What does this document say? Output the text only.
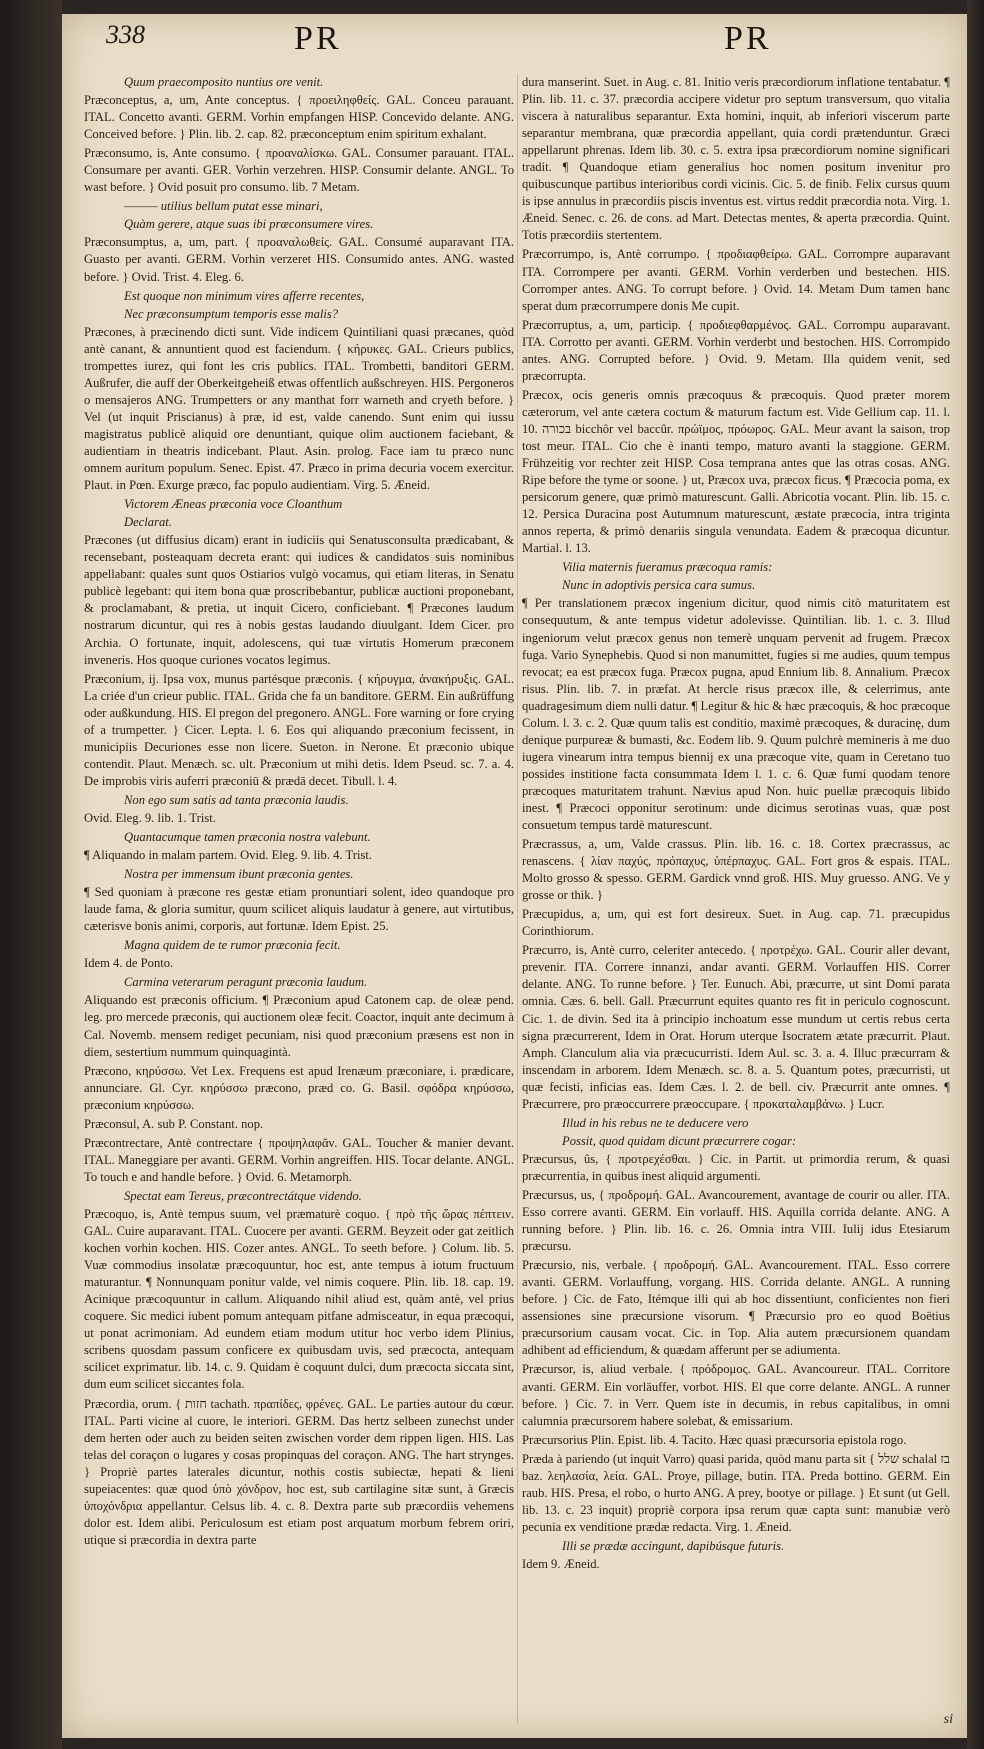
338	PR	PR

Quum praecomposito nuntius ore venit.

Præconceptus, a, um, Ante conceptus. { προειληφθείς. GAL. Conceu parauant. ITAL. Concetto avanti. GERM. Vorhin empfangen HISP. Concevido delante. ANG. Conceived before. } Plin. lib. 2. cap. 82. præconceptum enim spiritum exhalant.

Præconsumo, is, Ante consumo. { προαναλίσκω. GAL. Consumer parauant. ITAL. Consumare per avanti. GER. Vorhin verzehren. HISP. Consumir delante. ANGL. To wast before. } Ovid posuit pro consumo. lib. 7 Metam.

——— utilius bellum putat esse minari,

Quàm gerere, atque suas ibi præconsumere vires.

Præconsumptus, a, um, part. { προαναλωθείς. GAL. Consumé auparavant ITA. Guasto per avanti. GERM. Vorhin verzeret HIS. Consumido antes. ANG. wasted before. } Ovid. Trist. 4. Eleg. 6.

Est quoque non minimum vires afferre recentes,

Nec præconsumptum temporis esse malis?

Præcones, à præcinendo dicti sunt. Vide indicem Quintiliani quasi præcanes, quòd antè canant, & annuntient quod est faciendum. { κήρυκες. GAL. Crieurs publics, trompettes iurez, qui font les cris publics. ITAL. Trombetti, banditori GERM. Außrufer, die auff der Oberkeitgeheiß etwas offentlich außschreyen. HIS. Pergoneros o mensajeros ANG. Trumpetters or any manthat forr warneth and cryeth before. } Vel (ut inquit Priscianus) à præ, id est, valde canendo. Sunt enim qui iussu magistratus publicè aliquid ore denuntiant, quique olim auctionem faciebant, & audientiam in theatris indicebant. Plaut. Asin. prolog. Face iam tu præco nunc omnem auritum populum. Senec. Epist. 47. Præco in prima decuria vocem exercitur. Plaut. in Pœn. Exurge præco, fac populo audientiam. Virg. 5. Æneid.

Victorem Æneas præconia voce Cloanthum

Declarat.

Præcones (ut diffusius dicam) erant in iudiciis qui Senatusconsulta prædicabant, & recensebant, posteaquam decreta erant: qui iudices & candidatos suis nominibus appellabant: quales sunt quos Ostiarios vulgò vocamus, qui etiam literas, in Senatu publicè legebant: qui item bona quæ proscribebantur, publicæ auctioni proponebant, & proclamabant, & pretia, ut inquit Cicero, conficiebant. ¶ Præcones laudum nostrarum dicuntur, qui res à nobis gestas laudando diuulgant. Idem Cicer. pro Archia. O fortunate, inquit, adolescens, qui tuæ virtutis Homerum præconem inveneris. Hos quoque curiones vocatos legimus.

Præconium, ij. Ipsa vox, munus partésque præconis. { κήρυγμα, ἀνακήρυξις. GAL. La criée d'un crieur public. ITAL. Grida che fa un banditore. GERM. Ein außrüffung oder außkundung. HIS. El pregon del pregonero. ANGL. Fore warning or fore crying of a trumpetter. } Cicer. Lepta. l. 6. Eos qui aliquando præconium fecissent, in municipiis Decuriones esse non licere. Sueton. in Nerone. Et præconio ubique contendit. Plaut. Menæch. sc. ult. Præconium ut mihi detis. Idem Pseud. sc. 7. a. 4. De improbis viris auferri præconiū & prædā decet. Tibull. l. 4.

Non ego sum satis ad tanta præconia laudis.

Ovid. Eleg. 9. lib. 1. Trist.

Quantacumque tamen præconia nostra valebunt.

¶ Aliquando in malam partem. Ovid. Eleg. 9. lib. 4. Trist.

Nostra per immensum ibunt præconia gentes.

¶ Sed quoniam à præcone res gestæ etiam pronuntiari solent, ideo quandoque pro laude fama, & gloria sumitur, quum scilicet aliquis laudatur à genere, aut virtutibus, cæterisve bonis animi, corporis, aut fortunæ. Idem Epist. 25.

Magna quidem de te rumor præconia fecit.

Idem 4. de Ponto.

Carmina veterarum peragunt præconia laudum.

Aliquando est præconis officium. ¶ Præconium apud Catonem cap. de oleæ pend. leg. pro mercede præconis, qui auctionem oleæ fecit. Coactor, inquit ante decimum à Cal. Novemb. mensem rediget pecuniam, nisi quod præconium præsens est non in diem, sestertium nummum quinquagintà.

Præcono, κηρύσσω. Vet Lex. Frequens est apud Irenæum præconiare, i. prædicare, annunciare. Gl. Cyr. κηρύσσω præcono, præd co. G. Basil. σφόδρα κηρύσσω, præconium κηρύσσω.

Præconsul, A. sub P. Constant. nop.

Præcontrectare, Antè contrectare { προψηλαφᾶν. GAL. Toucher & manier devant. ITAL. Maneggiare per avanti. GERM. Vorhin angreiffen. HIS. Tocar delante. ANGL. To touch e and handle before. } Ovid. 6. Metamorph.

Spectat eam Tereus, præcontrectátque videndo.

Præcoquo, is, Antè tempus suum, vel præmaturè coquo. { πρὸ τῆς ὥρας πέπτειν. GAL. Cuire auparavant. ITAL. Cuocere per avanti. GERM. Beyzeit oder gat zeitlich kochen vorhin kochen. HIS. Cozer antes. ANGL. To seeth before. } Colum. lib. 5. Vuæ commodius insolatæ præcoquuntur, hoc est, ante tempus à iotum fructuum maturantur. ¶ Nonnunquam ponitur valde, vel nimis coquere. Plin. lib. 18. cap. 19. Acinique præcoquuntur in callum. Aliquando nihil aliud est, quàm antè, vel prius coquere. Sic medici iubent pomum antequam pitfane admisceatur, in equa præcoqui, ut ponat acrimoniam. Ad eundem etiam modum utitur hoc verbo idem Plinius, scribens quosdam passum conficere ex quibusdam uvis, sed præcocta, antequam scilicet exprimatur. lib. 14. c. 9. Quidam è coquunt dulci, dum præcocta siccata sint, dum eum scilicet siccantes fola.

Præcordia, orum. { חזות tachath. πραπίδες, φρένες. GAL. Le parties autour du cœur. ITAL. Parti vicine al cuore, le interiori. GERM. Das hertz selbeen zunechst under dem herten oder auch zu beiden seiten zwischen vorder dem rippen ligen. HIS. Las telas del coraçon o lugares y cosas propinquas del coraçon. ANG. The hart strynges. } Propriè partes laterales dicuntur, nothis costis subiectæ, hepati & lieni supeiacentes: quæ quod ὑπὸ χόνδρον, hoc est, sub cartilagine sitæ sunt, à Græcis ὑποχόνδρια appellantur. Celsus lib. 4. c. 8. Dextra parte sub præcordiis vehemens dolor est. Idem alibi. Periculosum est etiam post arquatum morbum febrem oriri, utique si præcordia in dextra parte

dura manserint. Suet. in Aug. c. 81. Initio veris præcordiorum inflatione tentabatur. ¶ Plin. lib. 11. c. 37. præcordia accipere videtur pro septum transversum, quo vitalia viscera à naturalibus separantur. Exta homini, inquit, ab inferiori viscerum parte separantur membrana, quæ præcordia appellant, quia cordi prætenduntur. Græci appellarunt phrenas. Idem lib. 30. c. 5. extra ipsa præcordiorum nomine significari tradit. ¶ Quandoque etiam generalius hoc nomen positum invenitur pro quibuscunque partibus interioribus cordi vicinis. Cic. 5. de finib. Felix cursus quum is ipse annulus in præcordiis piscis inventus est. virtus reddit præcordia nota. Virg. 1. Æneid. Senec. c. 26. de cons. ad Mart. Detectas mentes, & aperta præcordia. Quint. Totis præcordiis stertentem.

Præcorrumpo, is, Antè corrumpo. { προδιαφθείρω. GAL. Corrompre auparavant ITA. Corrompere per avanti. GERM. Vorhin verderben und bestechen. HIS. Corromper antes. ANG. To corrupt before. } Ovid. 14. Metam Dum tamen hanc sperat dum præcorrumpere donis Me cupit.

Præcorruptus, a, um, particip. { προδιεφθαρμένος. GAL. Corrompu auparavant. ITA. Corrotto per avanti. GERM. Vorhin verderbt und bestochen. HIS. Corrompido antes. ANG. Corrupted before. } Ovid. 9. Metam. Illa quidem venit, sed præcorrupta.

Præcox, ocis generis omnis præcoquus & præcoquis. Quod præter morem cæterorum, vel ante cætera coctum & maturum factum est. Vide Gellium cap. 11. l. 10. בכורה bicchôr vel baccûr. πρώϊμος, πρόωρος. GAL. Meur avant la saison, trop tost meur. ITAL. Cio che è inanti tempo, maturo avanti la staggione. GERM. Frühzeitig vor rechter zeit HISP. Cosa temprana antes que las otras cosas. ANG. Ripe before the tyme or soone. } ut, Præcox uva, præcox ficus. ¶ Præcocia poma, ex persicorum genere, quæ primò maturescunt. Galli. Abricotia vocant. Plin. lib. 15. c. 12. Persica Duracina post Autumnum maturescunt, æstate præcocia, intra triginta annos reperta, & primò denariis singula venundata. Eadem & præcoqua dicuntur. Martial. l. 13.

Vilia maternis fueramus præcoqua ramis:

Nunc in adoptivis persica cara sumus.

¶ Per translationem præcox ingenium dicitur, quod nimis citò maturitatem est consequutum, & ante tempus videtur adolevisse. Quintilian. lib. 1. c. 3. Illud ingeniorum velut præcox genus non temerè unquam pervenit ad frugem. Præcox fuga. Vario Synephebis. Quod si non manumittet, fugies si me audies, quum tempus revocat; ea est præcox fuga. Præcox pugna, apud Ennium lib. 8. Annalium. Præcox risus. Plin. lib. 7. in præfat. At hercle risus præcox ille, & celerrimus, ante quadragesimum diem nulli datur. ¶ Legitur & hic & hæc præcoquis, & hoc præcoque Colum. l. 3. c. 2. Quæ quum talis est conditio, maximè præcoques, & duracinę, dum denique purpureæ & bumasti, &c. Eodem lib. 9. Quum pulchrè memineris à me duo iugera vinearum intra tempus biennij ex una præcoque vite, quam in Ceretano tuo possides institione facta consummata Idem l. 1. c. 6. Quæ fumi quodam tenore præcoques maturitatem trahunt. Nævius apud Non. huic puellæ præcoquis libido inest. ¶ Præcoci opponitur serotinum: unde dicimus serotinas vuas, quæ post consuetum tempus tardè maturescunt.

Præcrassus, a, um, Valde crassus. Plin. lib. 16. c. 18. Cortex præcrassus, ac renascens. { λίαν παχύς, πρόπαχυς, ὑπέρπαχυς. GAL. Fort gros & espais. ITAL. Molto grosso & spesso. GERM. Gardick vnnd groß. HIS. Muy gruesso. ANG. Ve y grosse or thik. }

Præcupidus, a, um, qui est fort desireux. Suet. in Aug. cap. 71. præcupidus Corinthiorum.

Præcurro, is, Antè curro, celeriter antecedo. { προτρέχω. GAL. Courir aller devant, prevenir. ITA. Correre innanzi, andar avanti. GERM. Vorlauffen HIS. Correr delante. ANG. To runne before. } Ter. Eunuch. Abi, præcurre, ut sint Domi parata omnia. Cæs. 6. bell. Gall. Præcurrunt equites quanto res fit in periculo cognoscunt. Cic. 1. de divin. Sed ita à principio inchoatum esse mundum ut certis rebus certa signa præcurrerent, Idem in Orat. Horum uterque Isocratem ætate præcurrit. Plaut. Amph. Clanculum alia via præcucurristi. Idem Aul. sc. 3. a. 4. Illuc præcurram & inscendam in arborem. Idem Menæch. sc. 8. a. 5. Quantum potes, præcurristi, ut quæ fecisti, inficias eas. Idem Cæs. l. 2. de bell. civ. Præcurrit ante omnes. ¶ Præcurrere, pro præoccurrere præoccupare. { προκαταλαμβάνω. } Lucr.

Illud in his rebus ne te deducere vero

Possit, quod quidam dicunt præcurrere cogar:

Præcursus, ûs, { προτρεχέσθαι. } Cic. in Partit. ut primordia rerum, & quasi præcurrentia, in quibus inest aliquid argumenti.

Præcursus, us, { προδρομή. GAL. Avancourement, avantage de courir ou aller. ITA. Esso correre avanti. GERM. Ein vorlauff. HIS. Aquilla corrida delante. ANG. A running before. } Plin. lib. 16. c. 26. Omnia intra VIII. Iulij idus Etesiarum præcursu.

Præcursio, nis, verbale. { προδρομή. GAL. Avancourement. ITAL. Esso correre avanti. GERM. Vorlauffung, vorgang. HIS. Corrida delante. ANGL. A running before. } Cic. de Fato, Itémque illi qui ab hoc dissentiunt, conficientes non fieri assensiones sine præcursione visorum. ¶ Præcursio pro eo quod Boëtius præcursorium causam vocat. Cic. in Top. Alia autem præcursionem quandam adhibent ad efficiendum, & quædam afferunt per se adiumenta.

Præcursor, is, aliud verbale. { πρόδρομος. GAL. Avancoureur. ITAL. Corritore avanti. GERM. Ein vorläuffer, vorbot. HIS. El que corre delante. ANGL. A runner before. } Cic. 7. in Verr. Quem iste in decumis, in rebus capitalibus, in omni calumnia præcursorem habere solebat, & emissarium.

Præcursorius Plin. Epist. lib. 4. Tacito. Hæc quasi præcursoria epistola rogo.

Præda à pariendo (ut inquit Varro) quasi parida, quòd manu parta sit { שלל schalal בז baz. λεηλασία, λεία. GAL. Proye, pillage, butin. ITA. Preda bottino. GERM. Ein raub. HIS. Presa, el robo, o hurto ANG. A prey, bootye or pillage. } Et sunt (ut Gell. lib. 13. c. 23 inquit) propriè corpora ipsa rerum quæ capta sunt: manubiæ verò pecunia ex venditione prædæ redacta. Virg. 1. Æneid.

Illi se prædæ accingunt, dapibúsque futuris.

Idem 9. Æneid.

si
